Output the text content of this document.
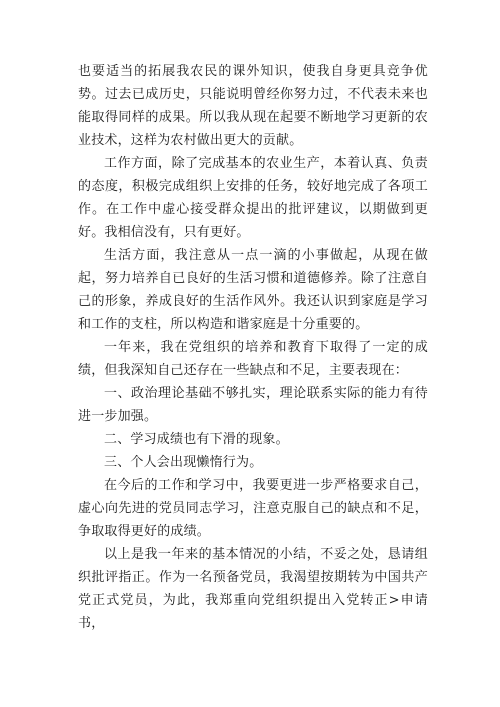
也要适当的拓展我农民的课外知识，使我自身更具竞争优势。过去已成历史，只能说明曾经你努力过，不代表未来也能取得同样的成果。所以我从现在起要不断地学习更新的农业技术，这样为农村做出更大的贡献。

工作方面，除了完成基本的农业生产，本着认真、负责的态度，积极完成组织上安排的任务，较好地完成了各项工作。在工作中虚心接受群众提出的批评建议，以期做到更好。我相信没有，只有更好。

生活方面，我注意从一点一滴的小事做起，从现在做起，努力培养自已良好的生活习惯和道德修养。除了注意自己的形象，养成良好的生活作风外。我还认识到家庭是学习和工作的支柱，所以构造和谐家庭是十分重要的。

一年来，我在党组织的培养和教育下取得了一定的成绩，但我深知自己还存在一些缺点和不足，主要表现在：

一、政治理论基础不够扎实，理论联系实际的能力有待进一步加强。

二、学习成绩也有下滑的现象。

三、个人会出现懒惰行为。

在今后的工作和学习中，我要更进一步严格要求自己，虚心向先进的党员同志学习，注意克服自己的缺点和不足，争取取得更好的成绩。

以上是我一年来的基本情况的小结，不妥之处，恳请组织批评指正。作为一名预备党员，我渴望按期转为中国共产党正式党员，为此，我郑重向党组织提出入党转正>申请书，
